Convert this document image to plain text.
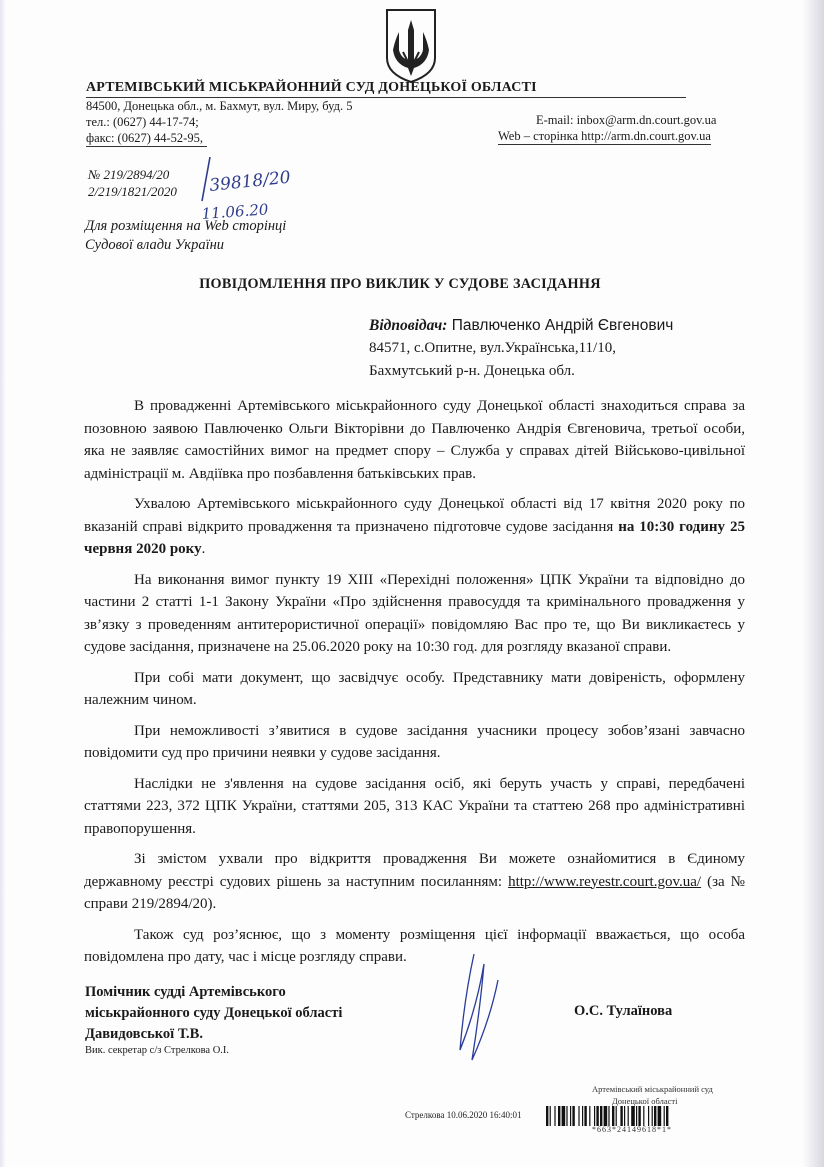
АРТЕМІВСЬКИЙ МІСЬКРАЙОННИЙ СУД ДОНЕЦЬКОЇ ОБЛАСТІ
84500, Донецька обл., м. Бахмут, вул. Миру, буд. 5
тел.: (0627) 44-17-74;
факс: (0627) 44-52-95,
E-mail: inbox@arm.dn.court.gov.ua
Web – сторінка http://arm.dn.court.gov.ua
№ 219/2894/20
2/219/1821/2020 39818/20
11.06.20
Для розміщення на Web сторінці
Судової влади України
ПОВІДОМЛЕННЯ ПРО ВИКЛИК У СУДОВЕ ЗАСІДАННЯ
Відповідач: Павлюченко Андрій Євгенович
84571, с.Опитне, вул.Українська,11/10,
Бахмутський р-н. Донецька обл.

В провадженні Артемівського міськрайонного суду Донецької області знаходиться справа за позовною заявою Павлюченко Ольги Вікторівни до Павлюченко Андрія Євгеновича, третьої особи, яка не заявляє самостійних вимог на предмет спору – Служба у справах дітей Військово-цивільної адміністрації м. Авдіївка про позбавлення батьківських прав.

Ухвалою Артемівського міськрайонного суду Донецької області від 17 квітня 2020 року по вказаній справі відкрито провадження та призначено підготовче судове засідання на 10:30 годину 25 червня 2020 року.

На виконання вимог пункту 19 XIII «Перехідні положення» ЦПК України та відповідно до частини 2 статті 1-1 Закону України «Про здійснення правосуддя та кримінального провадження у зв’язку з проведенням антитерористичної операції» повідомляю Вас про те, що Ви викликаєтесь у судове засідання, призначене на 25.06.2020 року на 10:30 год. для розгляду вказаної справи.

При собі мати документ, що засвідчує особу. Представнику мати довіреність, оформлену належним чином.

При неможливості з’явитися в судове засідання учасники процесу зобов’язані завчасно повідомити суд про причини неявки у судове засідання.

Наслідки не з'явлення на судове засідання осіб, які беруть участь у справі, передбачені статтями 223, 372 ЦПК України, статтями 205, 313 КАС України та статтею 268 про адміністративні правопорушення.

Зі змістом ухвали про відкриття провадження Ви можете ознайомитися в Єдиному державному реєстрі судових рішень за наступним посиланням: http://www.reyestr.court.gov.ua/ (за № справи 219/2894/20).

Також суд роз’яснює, що з моменту розміщення цієї інформації вважається, що особа повідомлена про дату, час і місце розгляду справи.

Помічник судді Артемівського
міськрайонного суду Донецької області
Давидовської Т.В.
Вик. секретар с/з Стрелкова О.І.
О.С. Тулаїнова
Артемівський міськрайонний суд
Донецької області
Стрелкова 10.06.2020 16:40:01
*663*24149618*1*
